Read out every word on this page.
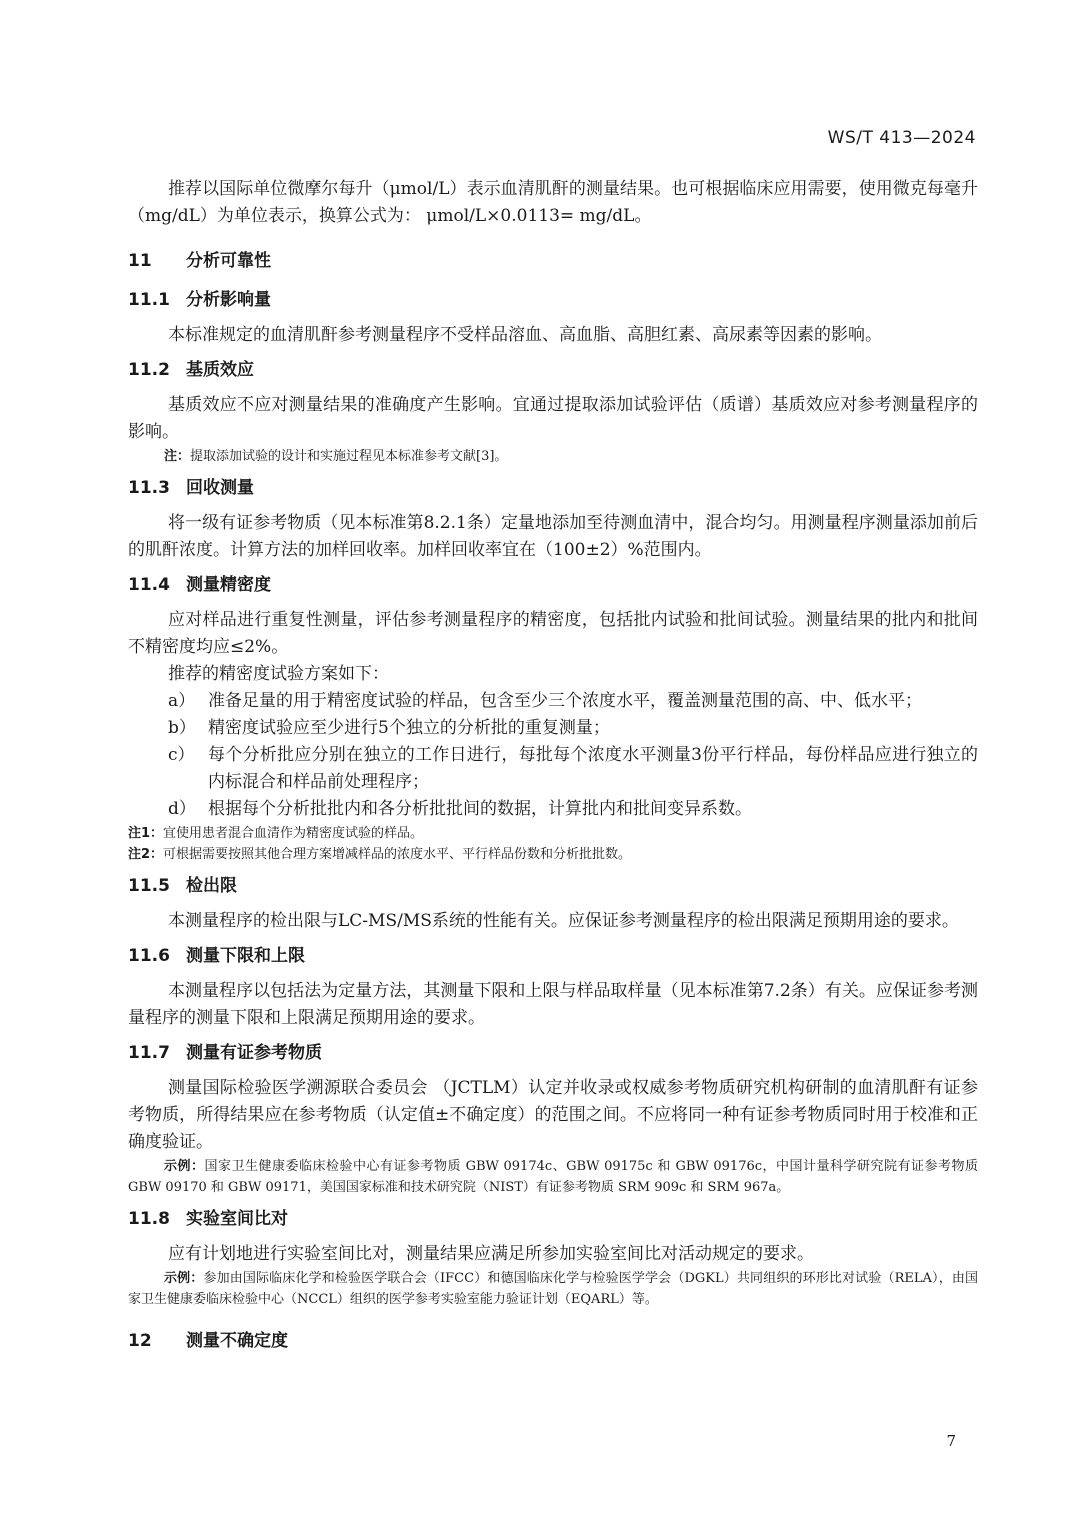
WS/T 413—2024

推荐以国际单位微摩尔每升（μmol/L）表示血清肌酐的测量结果。也可根据临床应用需要，使用微克每毫升（mg/dL）为单位表示，换算公式为： μmol/L×0.0113= mg/dL。

11 分析可靠性
11.1 分析影响量

本标准规定的血清肌酐参考测量程序不受样品溶血、高血脂、高胆红素、高尿素等因素的影响。

11.2 基质效应

基质效应不应对测量结果的准确度产生影响。宜通过提取添加试验评估（质谱）基质效应对参考测量程序的影响。

注：提取添加试验的设计和实施过程见本标准参考文献[3]。

11.3 回收测量

将一级有证参考物质（见本标准第8.2.1条）定量地添加至待测血清中，混合均匀。用测量程序测量添加前后的肌酐浓度。计算方法的加样回收率。加样回收率宜在（100±2）%范围内。

11.4 测量精密度

应对样品进行重复性测量，评估参考测量程序的精密度，包括批内试验和批间试验。测量结果的批内和批间不精密度均应≤2%。

推荐的精密度试验方案如下：

a） 准备足量的用于精密度试验的样品，包含至少三个浓度水平，覆盖测量范围的高、中、低水平；
b） 精密度试验应至少进行5个独立的分析批的重复测量；
c） 每个分析批应分别在独立的工作日进行，每批每个浓度水平测量3份平行样品，每份样品应进行独立的内标混合和样品前处理程序；
d） 根据每个分析批批内和各分析批批间的数据，计算批内和批间变异系数。

注1：宜使用患者混合血清作为精密度试验的样品。

注2：可根据需要按照其他合理方案增减样品的浓度水平、平行样品份数和分析批批数。

11.5 检出限

本测量程序的检出限与LC-MS/MS系统的性能有关。应保证参考测量程序的检出限满足预期用途的要求。

11.6 测量下限和上限

本测量程序以包括法为定量方法，其测量下限和上限与样品取样量（见本标准第7.2条）有关。应保证参考测量程序的测量下限和上限满足预期用途的要求。

11.7 测量有证参考物质

测量国际检验医学溯源联合委员会 （JCTLM）认定并收录或权威参考物质研究机构研制的血清肌酐有证参考物质，所得结果应在参考物质（认定值±不确定度）的范围之间。不应将同一种有证参考物质同时用于校准和正确度验证。

示例：国家卫生健康委临床检验中心有证参考物质 GBW 09174c、GBW 09175c 和 GBW 09176c，中国计量科学研究院有证参考物质 GBW 09170 和 GBW 09171，美国国家标准和技术研究院（NIST）有证参考物质 SRM 909c 和 SRM 967a。

11.8 实验室间比对

应有计划地进行实验室间比对，测量结果应满足所参加实验室间比对活动规定的要求。

示例：参加由国际临床化学和检验医学联合会（IFCC）和德国临床化学与检验医学学会（DGKL）共同组织的环形比对试验（RELA），由国家卫生健康委临床检验中心（NCCL）组织的医学参考实验室能力验证计划（EQARL）等。

12 测量不确定度
7
